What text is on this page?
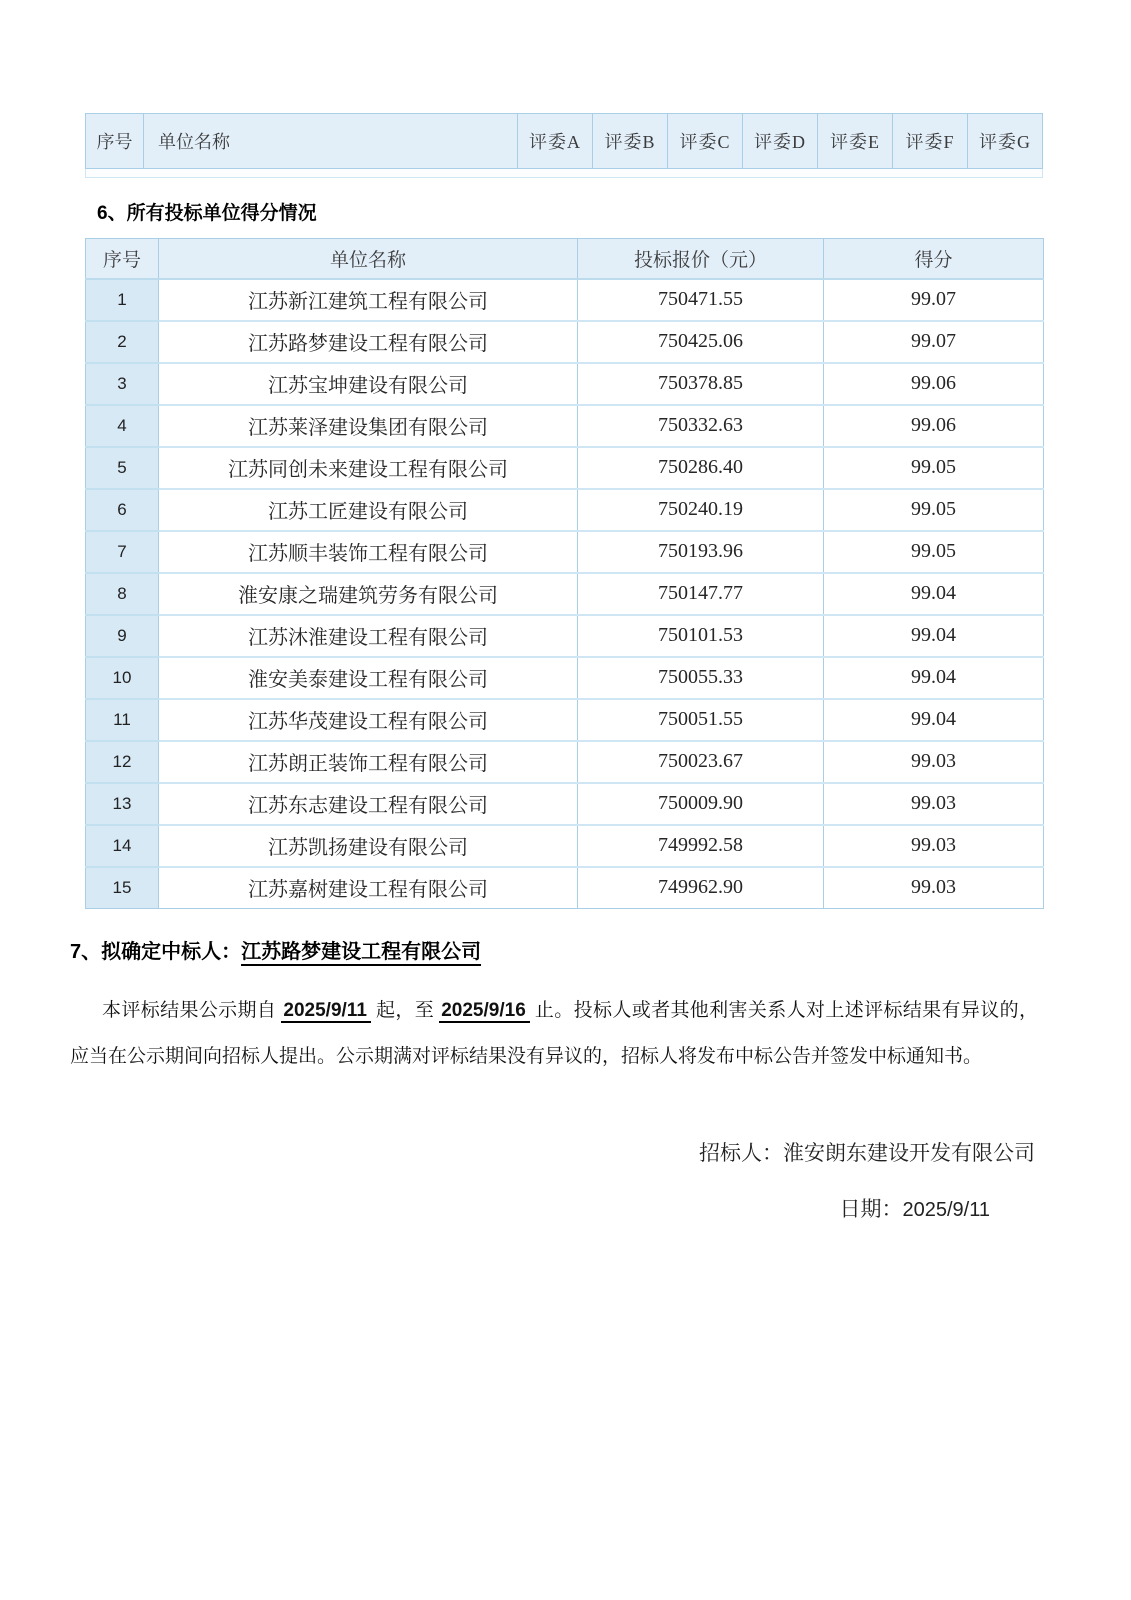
序号	单位名称	评委A	评委B	评委C	评委D	评委E	评委F	评委G

6、所有投标单位得分情况
序号	单位名称	投标报价（元）	得分
1	江苏新江建筑工程有限公司	750471.55	99.07
2	江苏路梦建设工程有限公司	750425.06	99.07
3	江苏宝坤建设有限公司	750378.85	99.06
4	江苏莱泽建设集团有限公司	750332.63	99.06
5	江苏同创未来建设工程有限公司	750286.40	99.05
6	江苏工匠建设有限公司	750240.19	99.05
7	江苏顺丰装饰工程有限公司	750193.96	99.05
8	淮安康之瑞建筑劳务有限公司	750147.77	99.04
9	江苏沐淮建设工程有限公司	750101.53	99.04
10	淮安美泰建设工程有限公司	750055.33	99.04
11	江苏华茂建设工程有限公司	750051.55	99.04
12	江苏朗正装饰工程有限公司	750023.67	99.03
13	江苏东志建设工程有限公司	750009.90	99.03
14	江苏凯扬建设有限公司	749992.58	99.03
15	江苏嘉树建设工程有限公司	749962.90	99.03
7、拟确定中标人：江苏路梦建设工程有限公司

本评标结果公示期自 2025/9/11 起，至 2025/9/16 止。投标人或者其他利害关系人对上述评标结果有异议的，应当在公示期间向招标人提出。公示期满对评标结果没有异议的，招标人将发布中标公告并签发中标通知书。

招标人：淮安朗东建设开发有限公司
日期：2025/9/11
